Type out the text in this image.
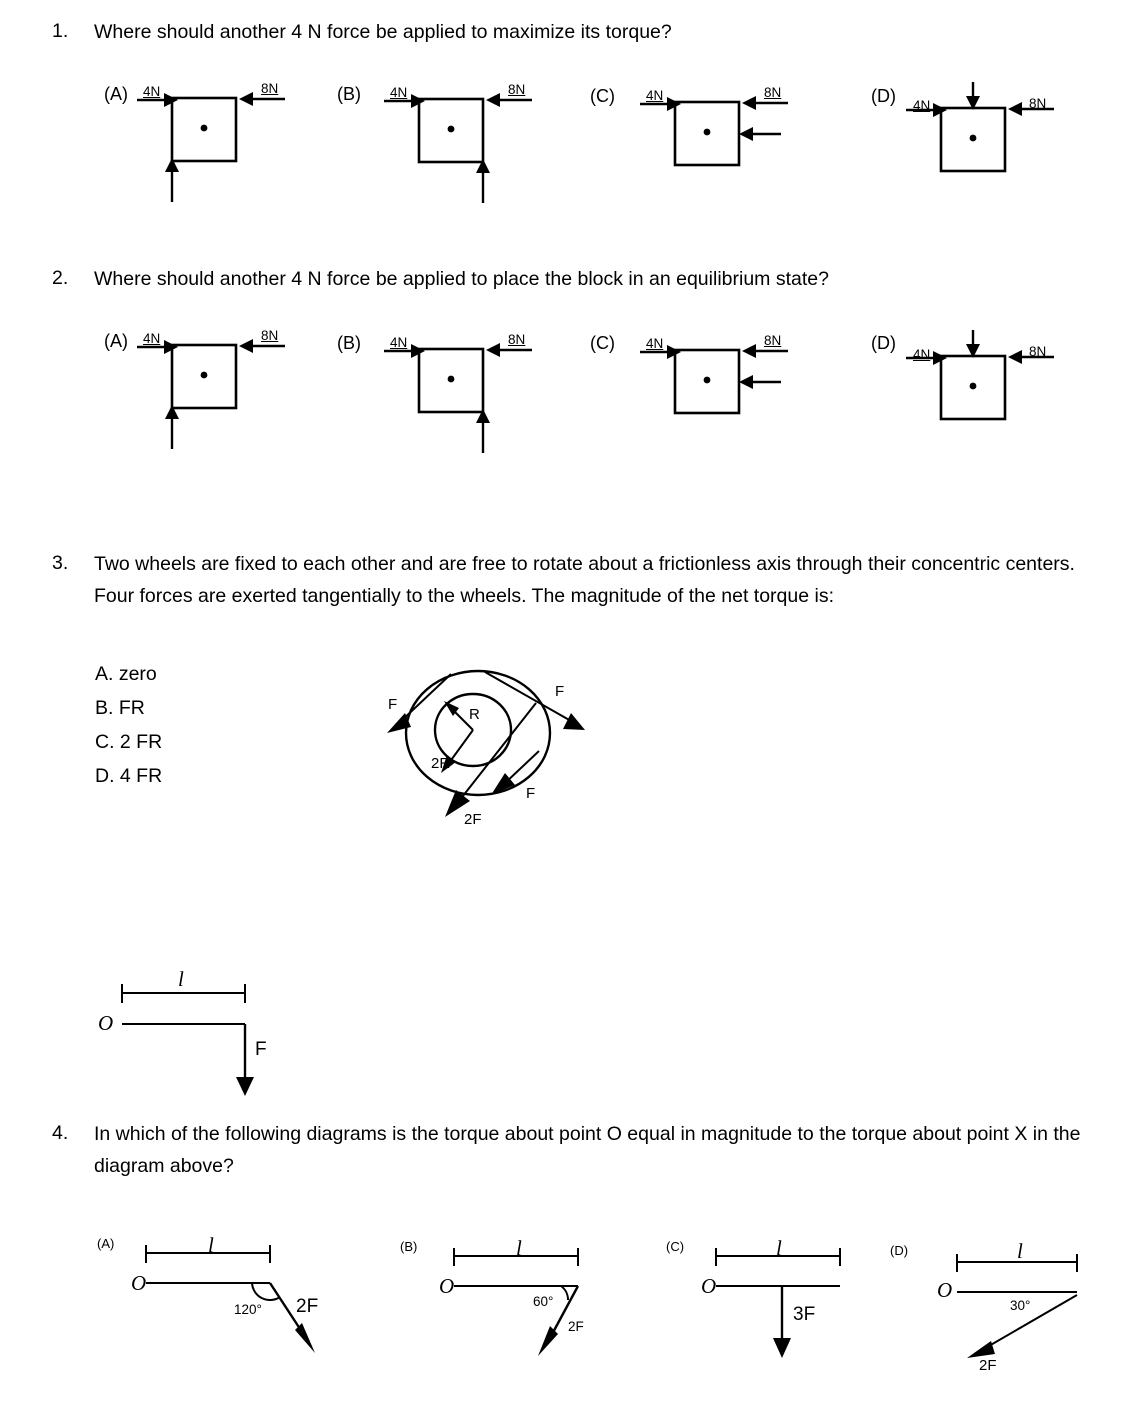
1.	Where should another 4 N force be applied to maximize its torque?
(A) 4N	8N	(B) 4N	8N	(C) 4N	8N	(D) 4N	8N
2.	Where should another 4 N force be applied to place the block in an equilibrium state?
(A) 4N	8N	(B) 4N	8N	(C) 4N	8N	(D)
4N	8N
3.	Two wheels are fixed to each other and are free to rotate about a frictionless axis through their concentric centers. Four forces are exerted tangentially to the wheels. The magnitude of the net torque is:
A. zero
B. FR
C. 2 FR
D. 4 FR
F
F
F
2F
R
2R
l
O
F
4.	In which of the following diagrams is the torque about point O equal in magnitude to the torque about point X in the diagram above?
(A)	l
O
120° 2F
(B)	l
O
60°
2F
(C)	l
O
3F
(D)	l
O
30°
2F
